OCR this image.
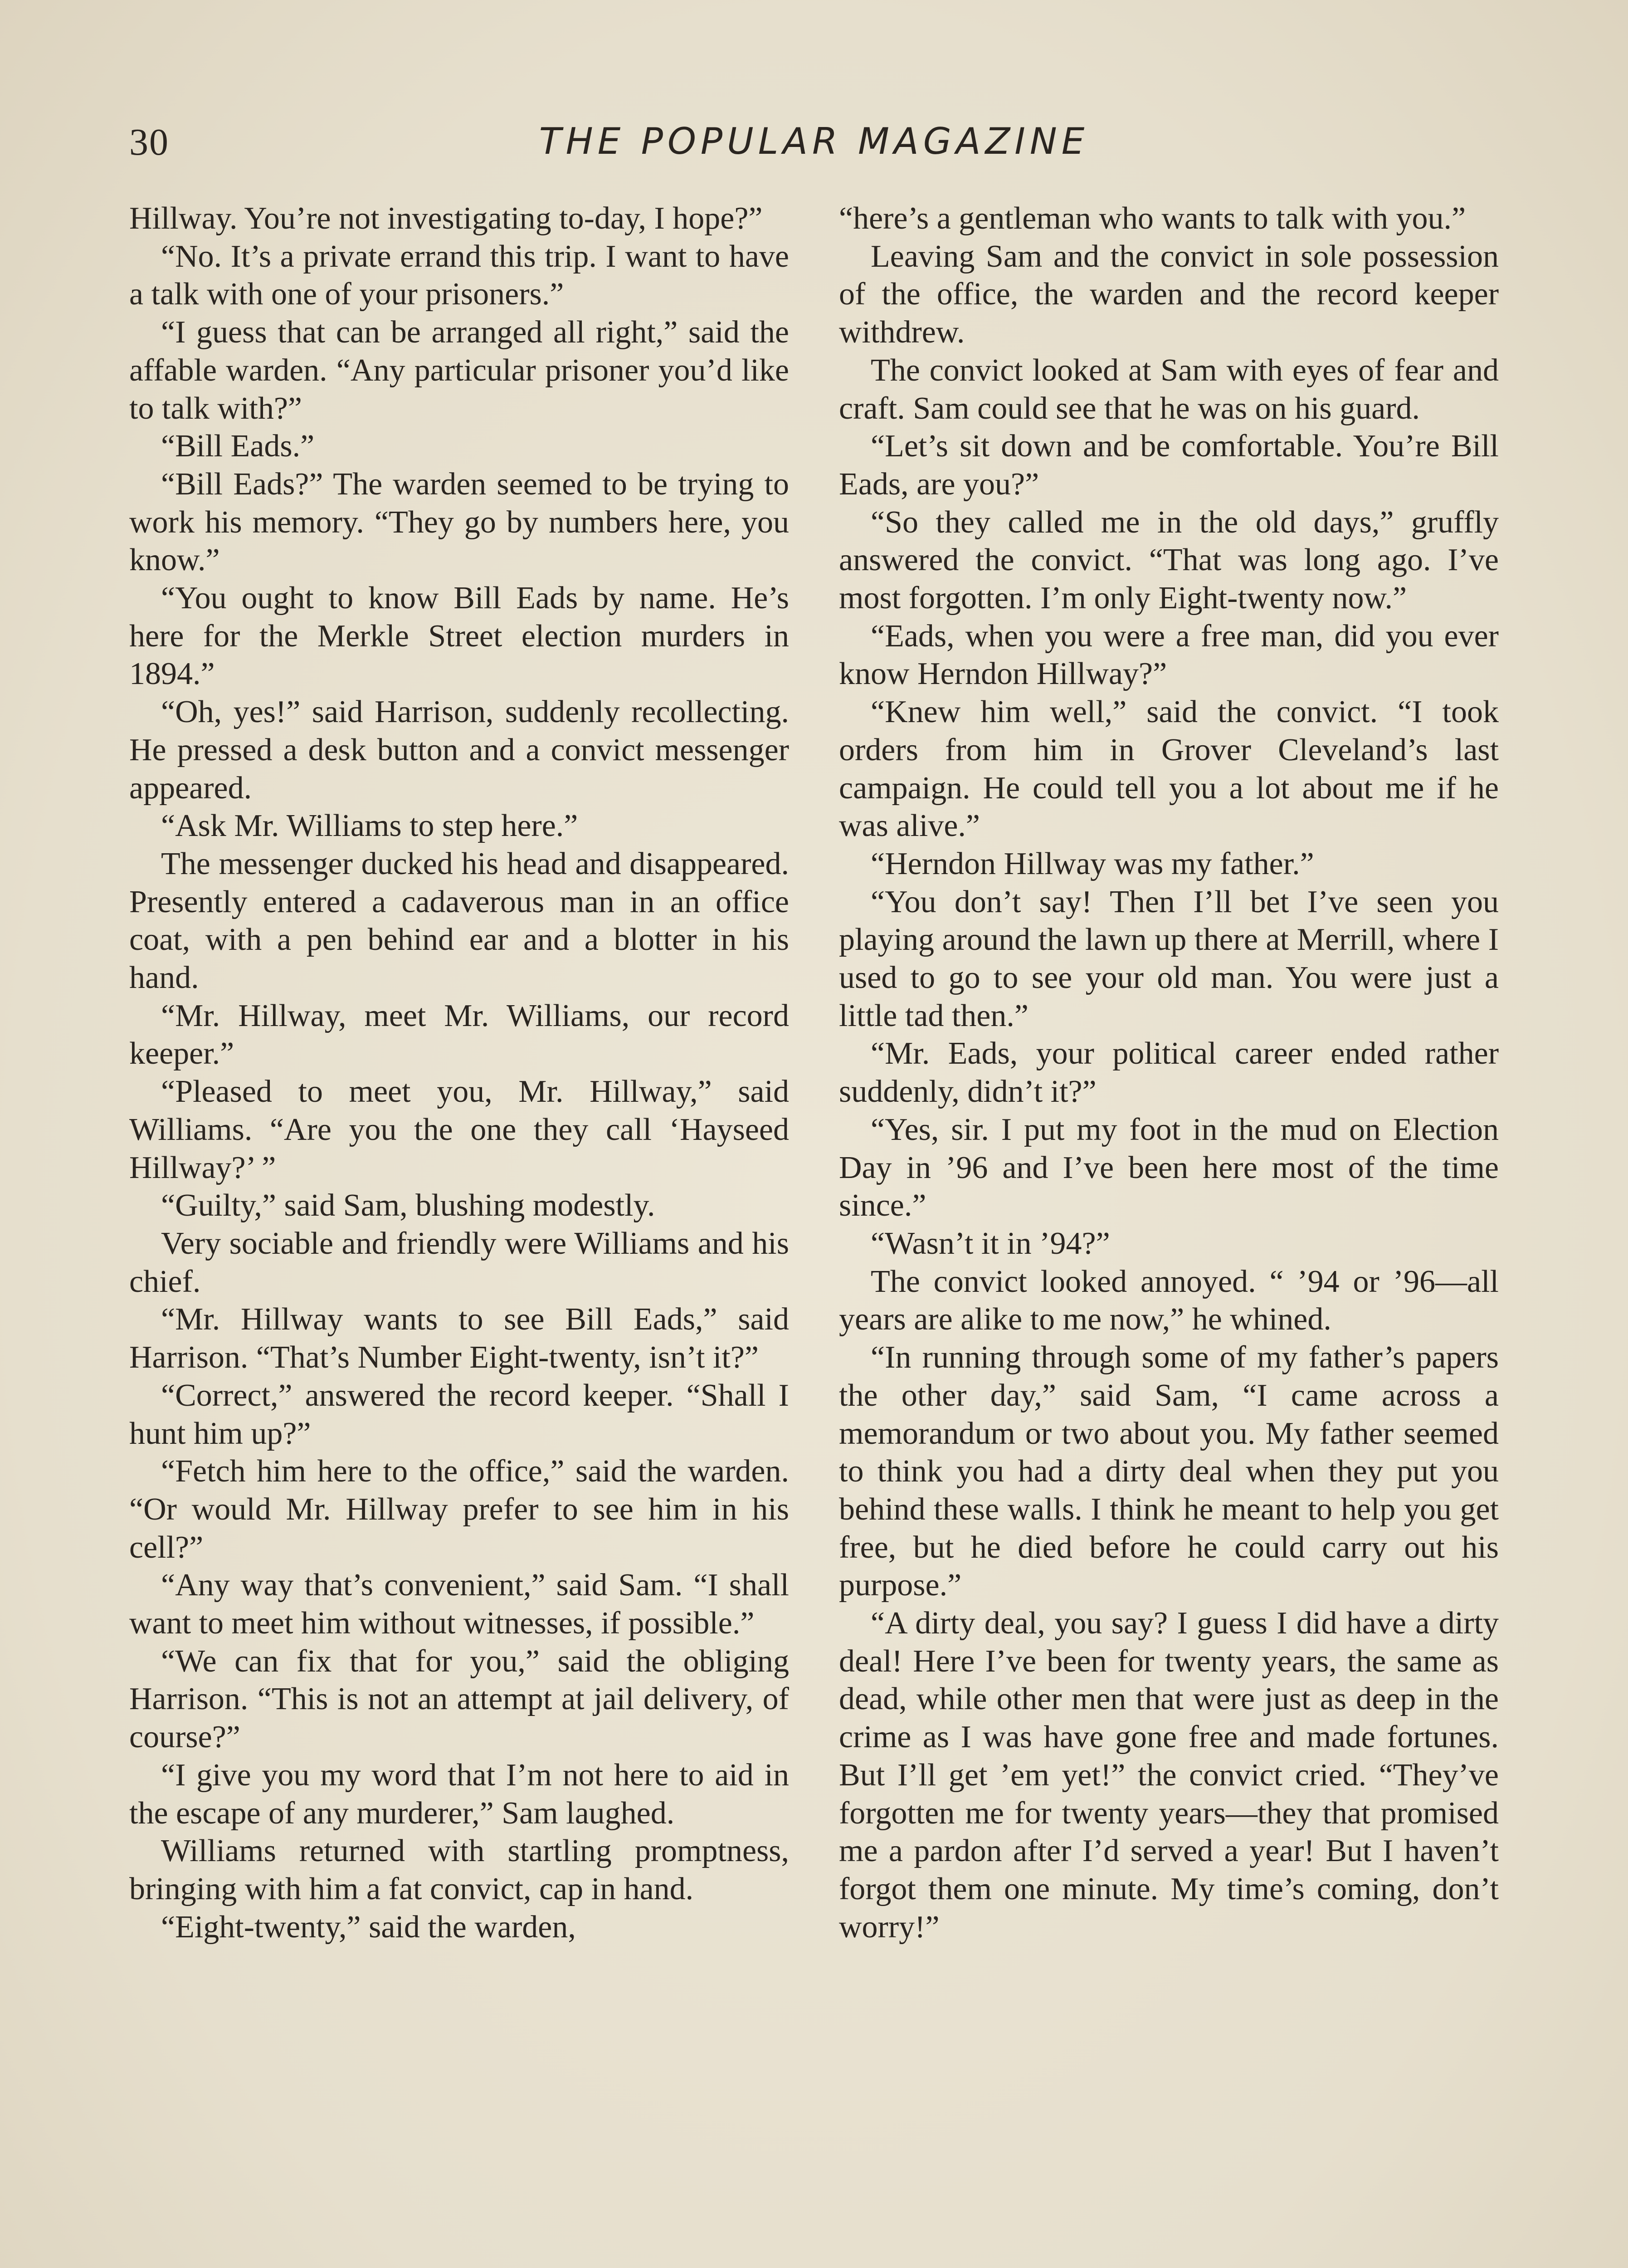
30	THE POPULAR MAGAZINE

Hillway. You’re not investigating to-day, I hope?”

“No. It’s a private errand this trip. I want to have a talk with one of your prisoners.”

“I guess that can be arranged all right,” said the affable warden. “Any particular prisoner you’d like to talk with?”

“Bill Eads.”

“Bill Eads?” The warden seemed to be trying to work his memory. “They go by numbers here, you know.”

“You ought to know Bill Eads by name. He’s here for the Merkle Street election murders in 1894.”

“Oh, yes!” said Harrison, suddenly recollecting. He pressed a desk button and a convict messenger appeared.

“Ask Mr. Williams to step here.”

The messenger ducked his head and disappeared. Presently entered a cadaverous man in an office coat, with a pen behind ear and a blotter in his hand.

“Mr. Hillway, meet Mr. Williams, our record keeper.”

“Pleased to meet you, Mr. Hillway,” said Williams. “Are you the one they call ‘Hayseed Hillway?’ ”

“Guilty,” said Sam, blushing modestly.

Very sociable and friendly were Williams and his chief.

“Mr. Hillway wants to see Bill Eads,” said Harrison. “That’s Number Eight-twenty, isn’t it?”

“Correct,” answered the record keeper. “Shall I hunt him up?”

“Fetch him here to the office,” said the warden. “Or would Mr. Hillway prefer to see him in his cell?”

“Any way that’s convenient,” said Sam. “I shall want to meet him without witnesses, if possible.”

“We can fix that for you,” said the obliging Harrison. “This is not an attempt at jail delivery, of course?”

“I give you my word that I’m not here to aid in the escape of any murderer,” Sam laughed.

Williams returned with startling promptness, bringing with him a fat convict, cap in hand.

“Eight-twenty,” said the warden,

“here’s a gentleman who wants to talk with you.”

Leaving Sam and the convict in sole possession of the office, the warden and the record keeper withdrew.

The convict looked at Sam with eyes of fear and craft. Sam could see that he was on his guard.

“Let’s sit down and be comfortable. You’re Bill Eads, are you?”

“So they called me in the old days,” gruffly answered the convict. “That was long ago. I’ve most forgotten. I’m only Eight-twenty now.”

“Eads, when you were a free man, did you ever know Herndon Hillway?”

“Knew him well,” said the convict. “I took orders from him in Grover Cleveland’s last campaign. He could tell you a lot about me if he was alive.”

“Herndon Hillway was my father.”

“You don’t say! Then I’ll bet I’ve seen you playing around the lawn up there at Merrill, where I used to go to see your old man. You were just a little tad then.”

“Mr. Eads, your political career ended rather suddenly, didn’t it?”

“Yes, sir. I put my foot in the mud on Election Day in ’96 and I’ve been here most of the time since.”

“Wasn’t it in ’94?”

The convict looked annoyed. “ ’94 or ’96—all years are alike to me now,” he whined.

“In running through some of my father’s papers the other day,” said Sam, “I came across a memorandum or two about you. My father seemed to think you had a dirty deal when they put you behind these walls. I think he meant to help you get free, but he died before he could carry out his purpose.”

“A dirty deal, you say? I guess I did have a dirty deal! Here I’ve been for twenty years, the same as dead, while other men that were just as deep in the crime as I was have gone free and made fortunes. But I’ll get ’em yet!” the convict cried. “They’ve forgotten me for twenty years—they that promised me a pardon after I’d served a year! But I haven’t forgot them one minute. My time’s coming, don’t worry!”
